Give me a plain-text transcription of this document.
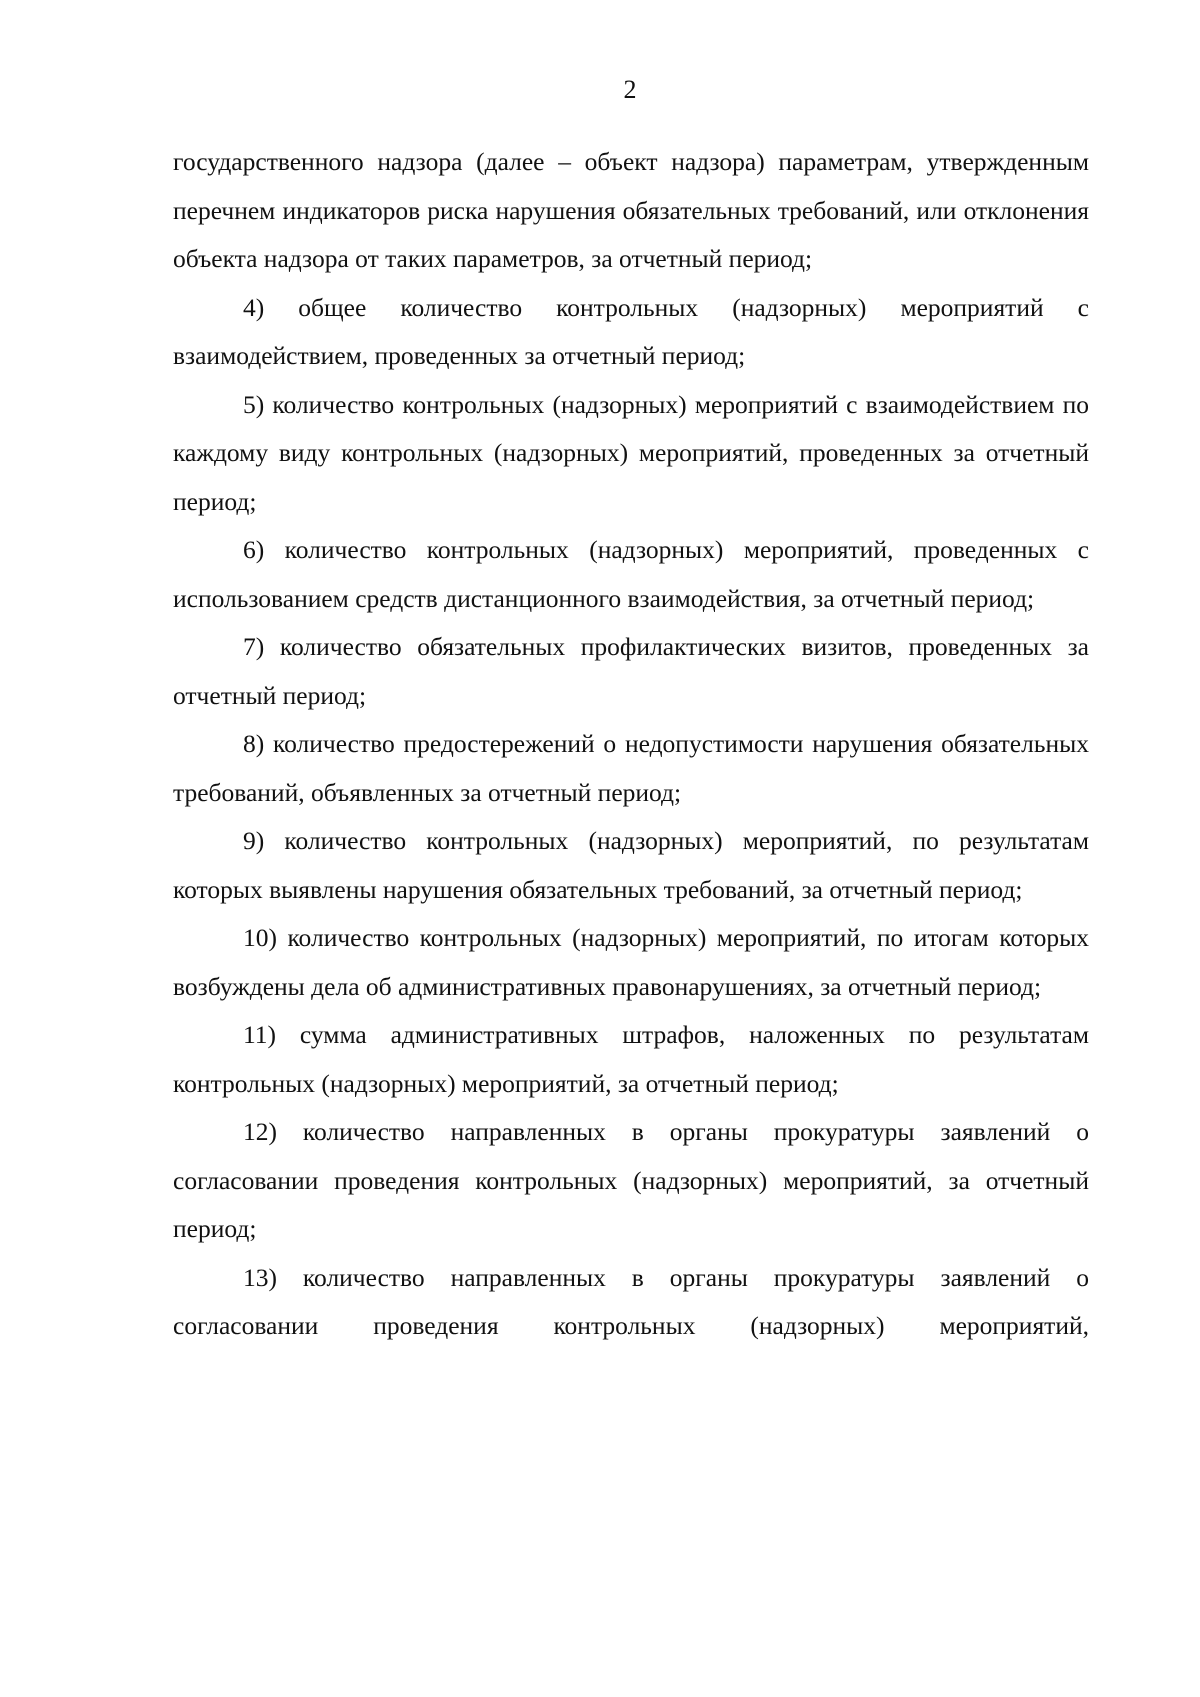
2

государственного надзора (далее – объект надзора) параметрам, утвержденным перечнем индикаторов риска нарушения обязательных требований, или отклонения объекта надзора от таких параметров, за отчетный период;

4) общее количество контрольных (надзорных) мероприятий с взаимодействием, проведенных за отчетный период;

5) количество контрольных (надзорных) мероприятий с взаимодействием по каждому виду контрольных (надзорных) мероприятий, проведенных за отчетный период;

6) количество контрольных (надзорных) мероприятий, проведенных с использованием средств дистанционного взаимодействия, за отчетный период;

7) количество обязательных профилактических визитов, проведенных за отчетный период;

8) количество предостережений о недопустимости нарушения обязательных требований, объявленных за отчетный период;

9) количество контрольных (надзорных) мероприятий, по результатам которых выявлены нарушения обязательных требований, за отчетный период;

10) количество контрольных (надзорных) мероприятий, по итогам которых возбуждены дела об административных правонарушениях, за отчетный период;

11) сумма административных штрафов, наложенных по результатам контрольных (надзорных) мероприятий, за отчетный период;

12) количество направленных в органы прокуратуры заявлений о согласовании проведения контрольных (надзорных) мероприятий, за отчетный период;

13) количество направленных в органы прокуратуры заявлений о согласовании проведения контрольных (надзорных) мероприятий,
